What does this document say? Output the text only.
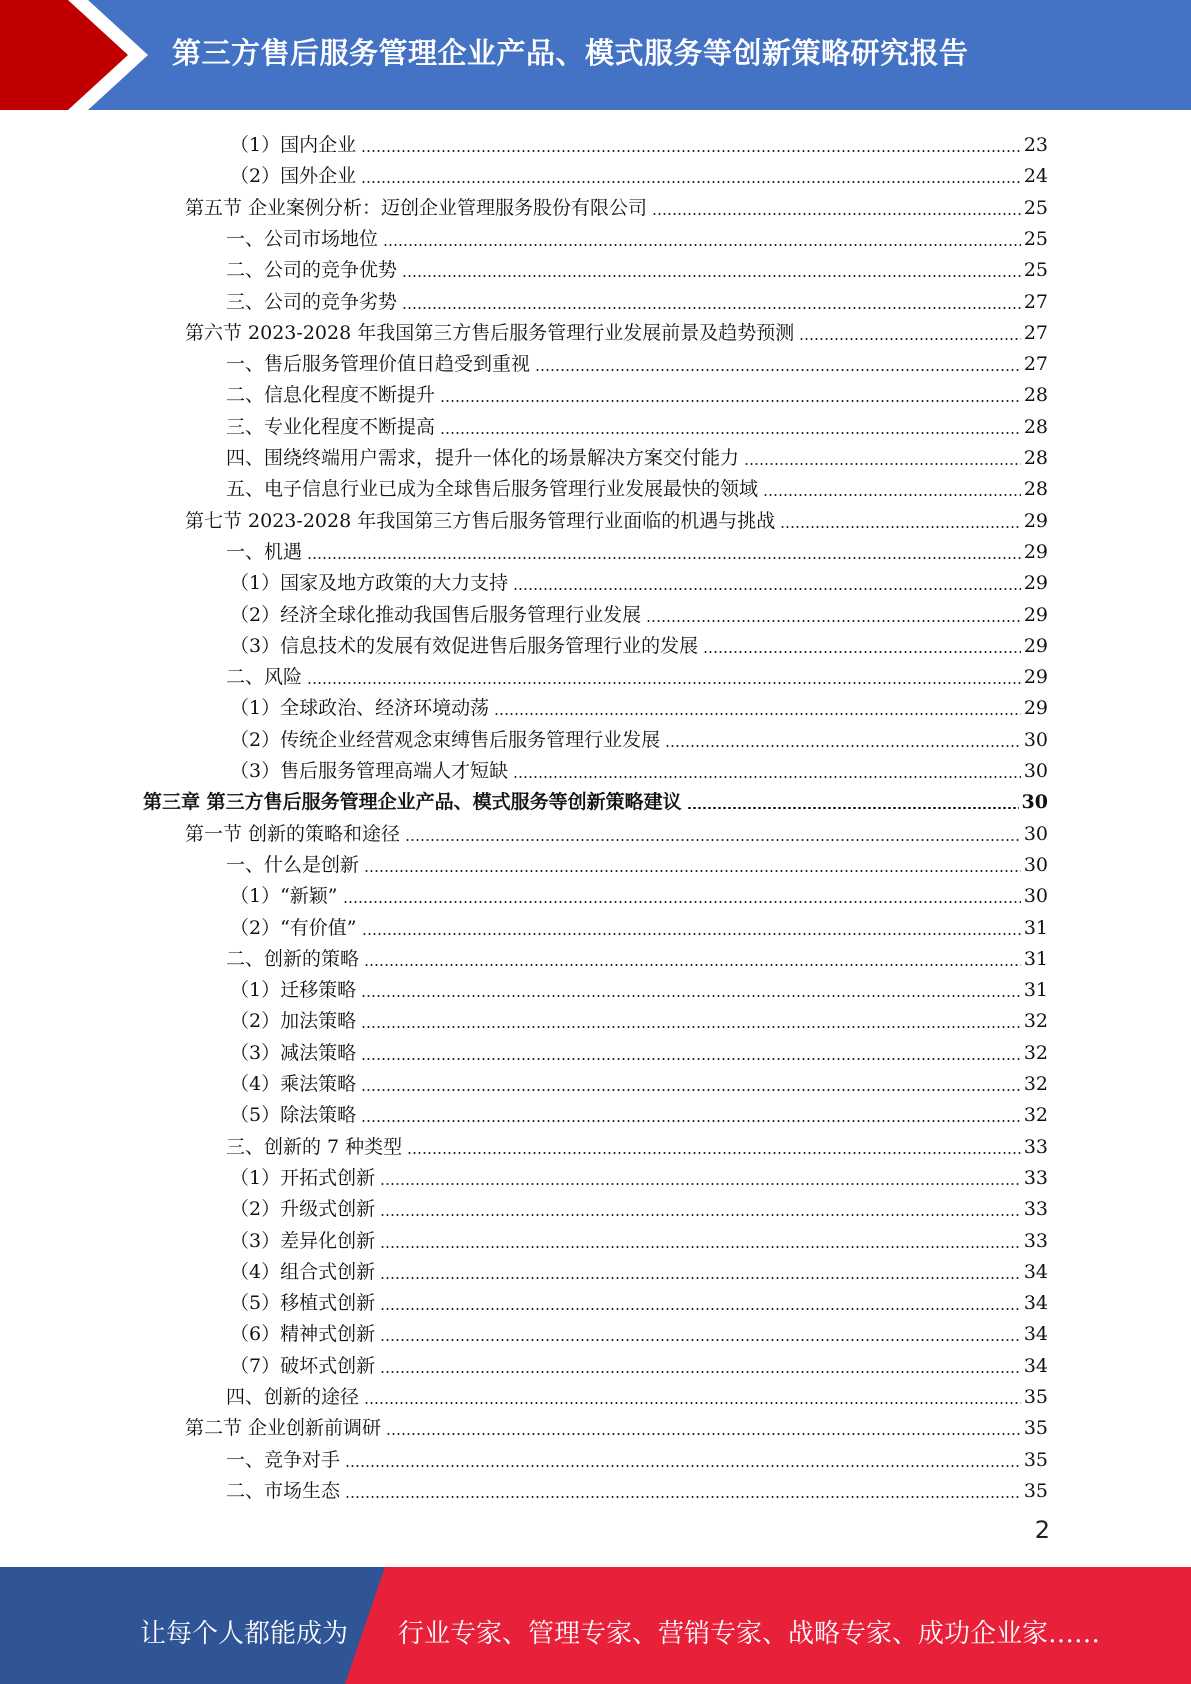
第三方售后服务管理企业产品、模式服务等创新策略研究报告
（1）国内企业	23
（2）国外企业	24
第五节 企业案例分析：迈创企业管理服务股份有限公司	25
一、公司市场地位	25
二、公司的竞争优势	25
三、公司的竞争劣势	27
第六节 2023-2028 年我国第三方售后服务管理行业发展前景及趋势预测	27
一、售后服务管理价值日趋受到重视	27
二、信息化程度不断提升	28
三、专业化程度不断提高	28
四、围绕终端用户需求，提升一体化的场景解决方案交付能力	28
五、电子信息行业已成为全球售后服务管理行业发展最快的领域	28
第七节 2023-2028 年我国第三方售后服务管理行业面临的机遇与挑战	29
一、机遇	29
（1）国家及地方政策的大力支持	29
（2）经济全球化推动我国售后服务管理行业发展	29
（3）信息技术的发展有效促进售后服务管理行业的发展	29
二、风险	29
（1）全球政治、经济环境动荡	29
（2）传统企业经营观念束缚售后服务管理行业发展	30
（3）售后服务管理高端人才短缺	30
第三章 第三方售后服务管理企业产品、模式服务等创新策略建议	30
第一节 创新的策略和途径	30
一、什么是创新	30
（1）“新颖”	30
（2）“有价值”	31
二、创新的策略	31
（1）迁移策略	31
（2）加法策略	32
（3）减法策略	32
（4）乘法策略	32
（5）除法策略	32
三、创新的 7 种类型	33
（1）开拓式创新	33
（2）升级式创新	33
（3）差异化创新	33
（4）组合式创新	34
（5）移植式创新	34
（6）精神式创新	34
（7）破坏式创新	34
四、创新的途径	35
第二节 企业创新前调研	35
一、竞争对手	35
二、市场生态	35
2
让每个人都能成为 行业专家、管理专家、营销专家、战略专家、成功企业家……
